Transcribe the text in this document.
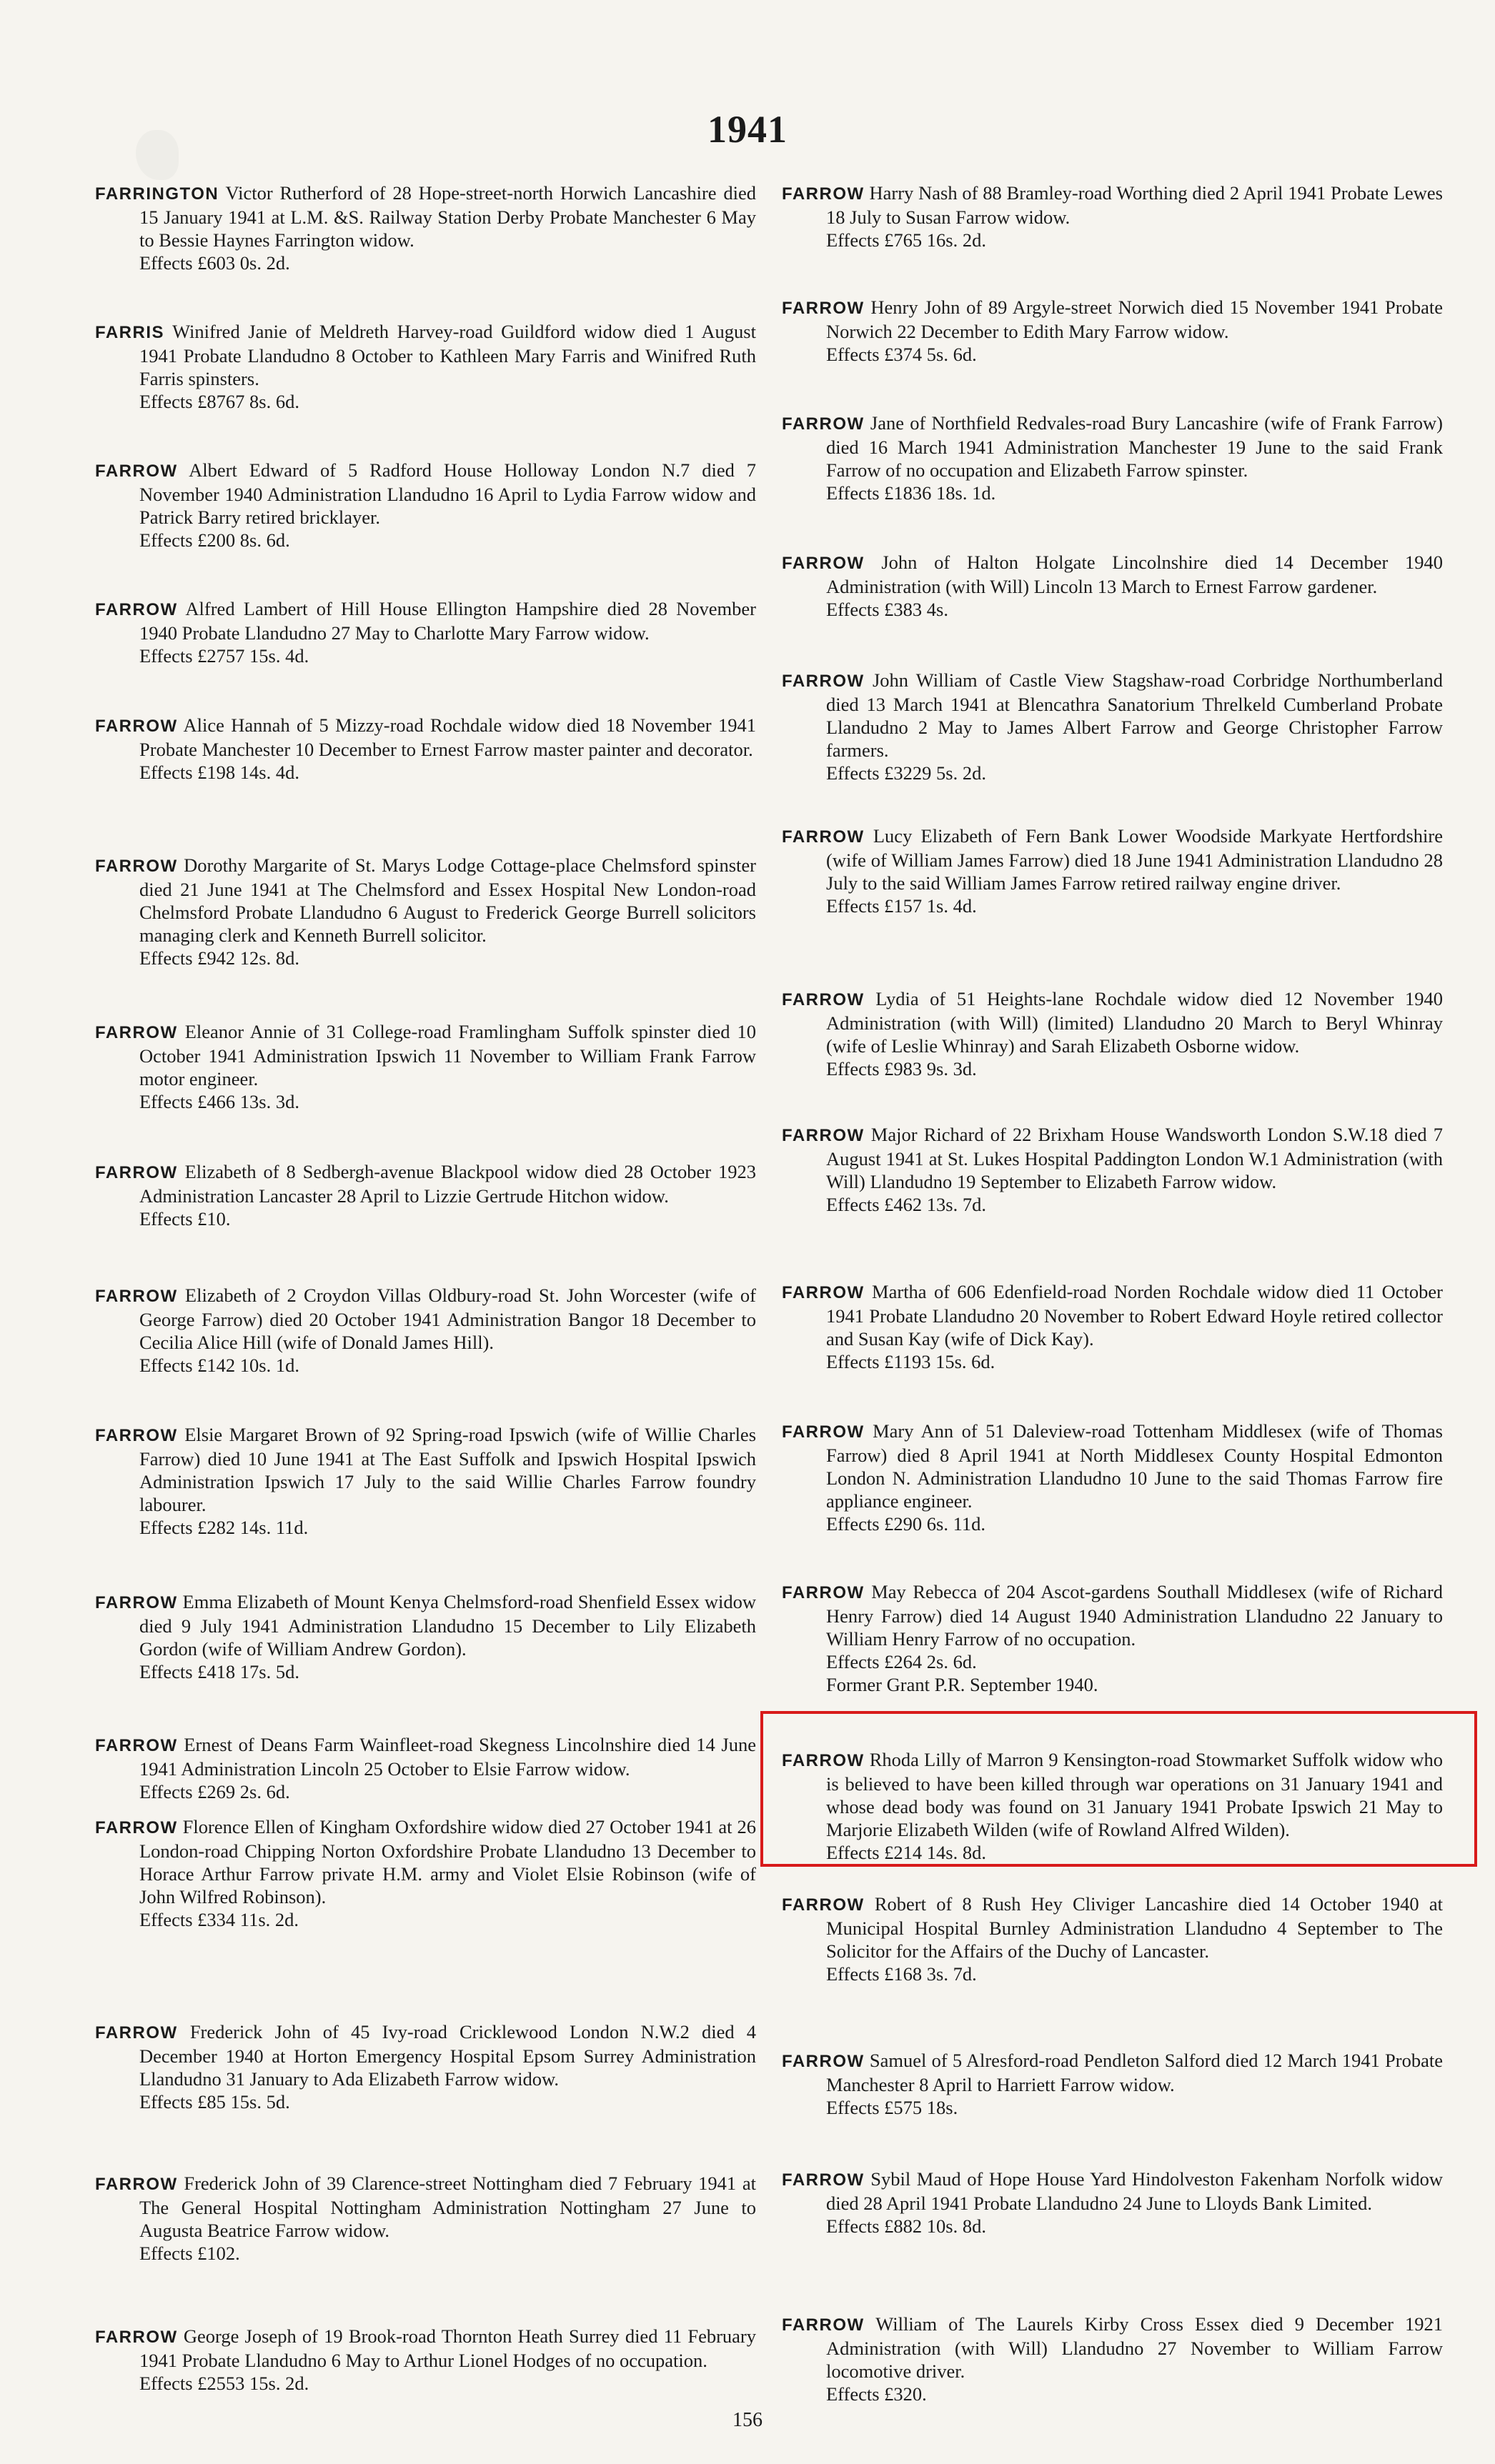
1941
FARRINGTON Victor Rutherford of 28 Hope-street-north Horwich Lancashire died 15 January 1941 at L.M. &S. Railway Station Derby Probate Manchester 6 May to Bessie Haynes Farrington widow.
Effects £603 0s. 2d.
FARRIS Winifred Janie of Meldreth Harvey-road Guildford widow died 1 August 1941 Probate Llandudno 8 October to Kathleen Mary Farris and Winifred Ruth Farris spinsters.
Effects £8767 8s. 6d.
FARROW Albert Edward of 5 Radford House Holloway London N.7 died 7 November 1940 Administration Llandudno 16 April to Lydia Farrow widow and Patrick Barry retired bricklayer.
Effects £200 8s. 6d.
FARROW Alfred Lambert of Hill House Ellington Hampshire died 28 November 1940 Probate Llandudno 27 May to Charlotte Mary Farrow widow.
Effects £2757 15s. 4d.
FARROW Alice Hannah of 5 Mizzy-road Rochdale widow died 18 November 1941 Probate Manchester 10 December to Ernest Farrow master painter and decorator.
Effects £198 14s. 4d.
FARROW Dorothy Margarite of St. Marys Lodge Cottage-place Chelmsford spinster died 21 June 1941 at The Chelmsford and Essex Hospital New London-road Chelmsford Probate Llandudno 6 August to Frederick George Burrell solicitors managing clerk and Kenneth Burrell solicitor.
Effects £942 12s. 8d.
FARROW Eleanor Annie of 31 College-road Framlingham Suffolk spinster died 10 October 1941 Administration Ipswich 11 November to William Frank Farrow motor engineer.
Effects £466 13s. 3d.
FARROW Elizabeth of 8 Sedbergh-avenue Blackpool widow died 28 October 1923 Administration Lancaster 28 April to Lizzie Gertrude Hitchon widow.
Effects £10.
FARROW Elizabeth of 2 Croydon Villas Oldbury-road St. John Worcester (wife of George Farrow) died 20 October 1941 Administration Bangor 18 December to Cecilia Alice Hill (wife of Donald James Hill).
Effects £142 10s. 1d.
FARROW Elsie Margaret Brown of 92 Spring-road Ipswich (wife of Willie Charles Farrow) died 10 June 1941 at The East Suffolk and Ipswich Hospital Ipswich Administration Ipswich 17 July to the said Willie Charles Farrow foundry labourer.
Effects £282 14s. 11d.
FARROW Emma Elizabeth of Mount Kenya Chelmsford-road Shenfield Essex widow died 9 July 1941 Administration Llandudno 15 December to Lily Elizabeth Gordon (wife of William Andrew Gordon).
Effects £418 17s. 5d.
FARROW Ernest of Deans Farm Wainfleet-road Skegness Lincolnshire died 14 June 1941 Administration Lincoln 25 October to Elsie Farrow widow.
Effects £269 2s. 6d.
FARROW Florence Ellen of Kingham Oxfordshire widow died 27 October 1941 at 26 London-road Chipping Norton Oxfordshire Probate Llandudno 13 December to Horace Arthur Farrow private H.M. army and Violet Elsie Robinson (wife of John Wilfred Robinson).
Effects £334 11s. 2d.
FARROW Frederick John of 45 Ivy-road Cricklewood London N.W.2 died 4 December 1940 at Horton Emergency Hospital Epsom Surrey Administration Llandudno 31 January to Ada Elizabeth Farrow widow.
Effects £85 15s. 5d.
FARROW Frederick John of 39 Clarence-street Nottingham died 7 February 1941 at The General Hospital Nottingham Administration Nottingham 27 June to Augusta Beatrice Farrow widow.
Effects £102.
FARROW George Joseph of 19 Brook-road Thornton Heath Surrey died 11 February 1941 Probate Llandudno 6 May to Arthur Lionel Hodges of no occupation.
Effects £2553 15s. 2d.
FARROW Harry Nash of 88 Bramley-road Worthing died 2 April 1941 Probate Lewes 18 July to Susan Farrow widow.
Effects £765 16s. 2d.
FARROW Henry John of 89 Argyle-street Norwich died 15 November 1941 Probate Norwich 22 December to Edith Mary Farrow widow.
Effects £374 5s. 6d.
FARROW Jane of Northfield Redvales-road Bury Lancashire (wife of Frank Farrow) died 16 March 1941 Administration Manchester 19 June to the said Frank Farrow of no occupation and Elizabeth Farrow spinster.
Effects £1836 18s. 1d.
FARROW John of Halton Holgate Lincolnshire died 14 December 1940 Administration (with Will) Lincoln 13 March to Ernest Farrow gardener.
Effects £383 4s.
FARROW John William of Castle View Stagshaw-road Corbridge Northumberland died 13 March 1941 at Blencathra Sanatorium Threlkeld Cumberland Probate Llandudno 2 May to James Albert Farrow and George Christopher Farrow farmers.
Effects £3229 5s. 2d.
FARROW Lucy Elizabeth of Fern Bank Lower Woodside Markyate Hertfordshire (wife of William James Farrow) died 18 June 1941 Administration Llandudno 28 July to the said William James Farrow retired railway engine driver.
Effects £157 1s. 4d.
FARROW Lydia of 51 Heights-lane Rochdale widow died 12 November 1940 Administration (with Will) (limited) Llandudno 20 March to Beryl Whinray (wife of Leslie Whinray) and Sarah Elizabeth Osborne widow.
Effects £983 9s. 3d.
FARROW Major Richard of 22 Brixham House Wandsworth London S.W.18 died 7 August 1941 at St. Lukes Hospital Paddington London W.1 Administration (with Will) Llandudno 19 September to Elizabeth Farrow widow.
Effects £462 13s. 7d.
FARROW Martha of 606 Edenfield-road Norden Rochdale widow died 11 October 1941 Probate Llandudno 20 November to Robert Edward Hoyle retired collector and Susan Kay (wife of Dick Kay).
Effects £1193 15s. 6d.
FARROW Mary Ann of 51 Daleview-road Tottenham Middlesex (wife of Thomas Farrow) died 8 April 1941 at North Middlesex County Hospital Edmonton London N. Administration Llandudno 10 June to the said Thomas Farrow fire appliance engineer.
Effects £290 6s. 11d.
FARROW May Rebecca of 204 Ascot-gardens Southall Middlesex (wife of Richard Henry Farrow) died 14 August 1940 Administration Llandudno 22 January to William Henry Farrow of no occupation.
Effects £264 2s. 6d.
Former Grant P.R. September 1940.
FARROW Rhoda Lilly of Marron 9 Kensington-road Stowmarket Suffolk widow who is believed to have been killed through war operations on 31 January 1941 and whose dead body was found on 31 January 1941 Probate Ipswich 21 May to Marjorie Elizabeth Wilden (wife of Rowland Alfred Wilden).
Effects £214 14s. 8d.
FARROW Robert of 8 Rush Hey Cliviger Lancashire died 14 October 1940 at Municipal Hospital Burnley Administration Llandudno 4 September to The Solicitor for the Affairs of the Duchy of Lancaster.
Effects £168 3s. 7d.
FARROW Samuel of 5 Alresford-road Pendleton Salford died 12 March 1941 Probate Manchester 8 April to Harriett Farrow widow.
Effects £575 18s.
FARROW Sybil Maud of Hope House Yard Hindolveston Fakenham Norfolk widow died 28 April 1941 Probate Llandudno 24 June to Lloyds Bank Limited.
Effects £882 10s. 8d.
FARROW William of The Laurels Kirby Cross Essex died 9 December 1921 Administration (with Will) Llandudno 27 November to William Farrow locomotive driver.
Effects £320.
156
